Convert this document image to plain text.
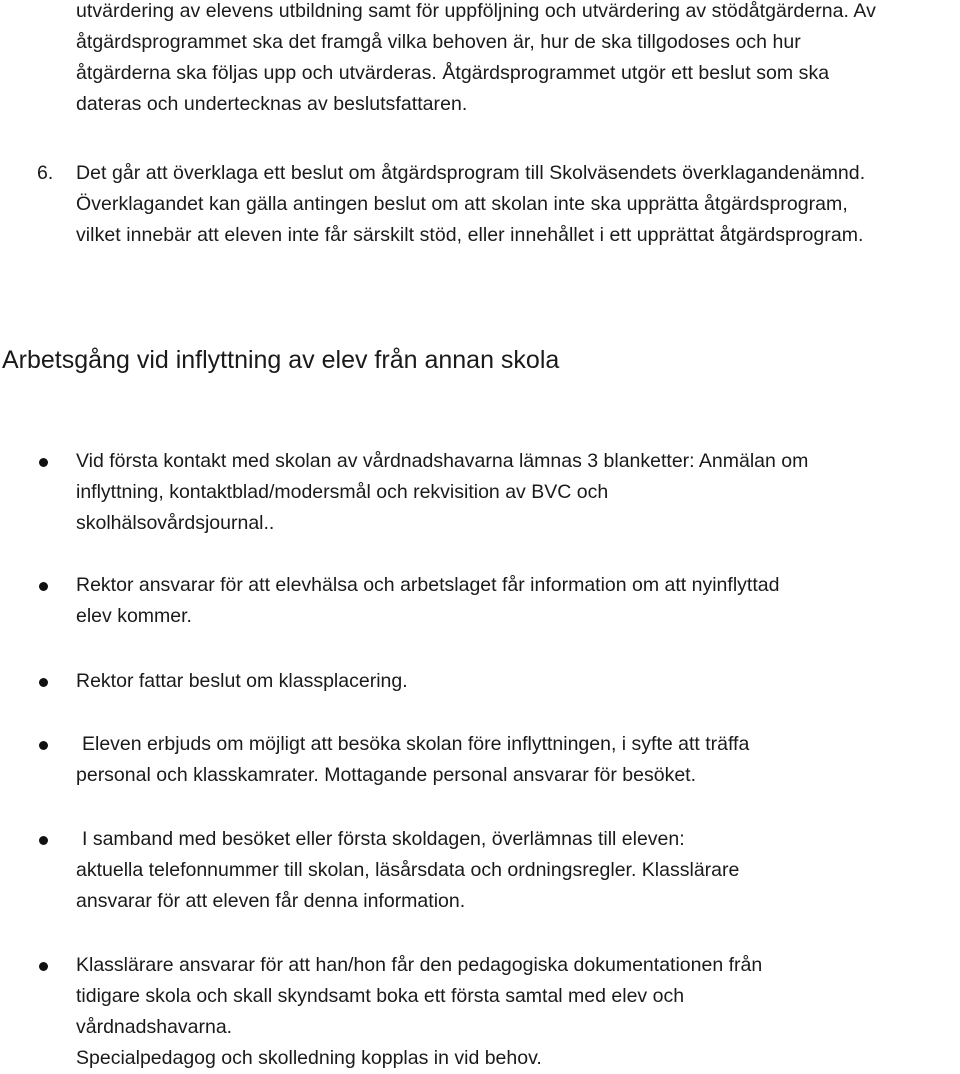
utvärdering av elevens utbildning samt för uppföljning och utvärdering av stödåtgärderna. Av

åtgärdsprogrammet ska det framgå vilka behoven är, hur de ska tillgodoses och hur

åtgärderna ska följas upp och utvärderas. Åtgärdsprogrammet utgör ett beslut som ska

dateras och undertecknas av beslutsfattaren.

6. Det går att överklaga ett beslut om åtgärdsprogram till Skolväsendets överklagandenämnd.

Överklagandet kan gälla antingen beslut om att skolan inte ska upprätta åtgärdsprogram,

vilket innebär att eleven inte får särskilt stöd, eller innehållet i ett upprättat åtgärdsprogram.

Arbetsgång vid inflyttning av elev från annan skola

Vid första kontakt med skolan av vårdnadshavarna lämnas 3 blanketter: Anmälan om

inflyttning, kontaktblad/modersmål och rekvisition av BVC och

skolhälsovårdsjournal..

Rektor ansvarar för att elevhälsa och arbetslaget får information om att nyinflyttad

elev kommer.

Rektor fattar beslut om klassplacering.

Eleven erbjuds om möjligt att besöka skolan före inflyttningen, i syfte att träffa

personal och klasskamrater. Mottagande personal ansvarar för besöket.

I samband med besöket eller första skoldagen, överlämnas till eleven:

aktuella telefonnummer till skolan, läsårsdata och ordningsregler. Klasslärare

ansvarar för att eleven får denna information.

Klasslärare ansvarar för att han/hon får den pedagogiska dokumentationen från

tidigare skola och skall skyndsamt boka ett första samtal med elev och

vårdnadshavarna.

Specialpedagog och skolledning kopplas in vid behov.
